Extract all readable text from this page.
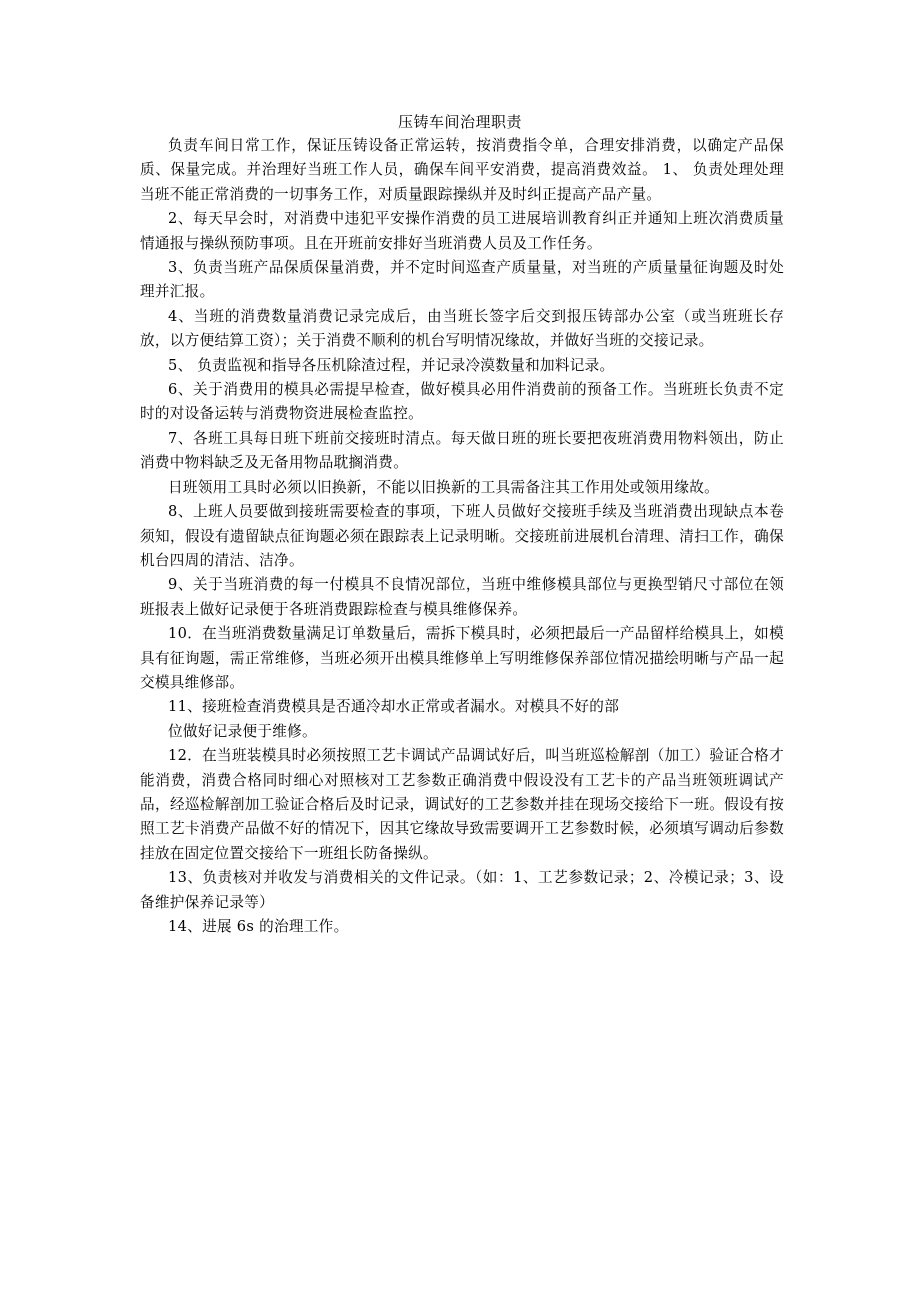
压铸车间治理职责

负责车间日常工作，保证压铸设备正常运转，按消费指令单，合理安排消费，以确定产品保质、保量完成。并治理好当班工作人员，确保车间平安消费，提高消费效益。 1、 负责处理处理当班不能正常消费的一切事务工作，对质量跟踪操纵并及时纠正提高产品产量。

2、每天早会时，对消费中违犯平安操作消费的员工进展培训教育纠正并通知上班次消费质量情通报与操纵预防事项。且在开班前安排好当班消费人员及工作任务。

3、负责当班产品保质保量消费，并不定时间巡查产质量量，对当班的产质量量征询题及时处理并汇报。

4、当班的消费数量消费记录完成后，由当班长签字后交到报压铸部办公室（或当班班长存放，以方便结算工资）；关于消费不顺利的机台写明情况缘故，并做好当班的交接记录。

5、 负责监视和指导各压机除渣过程，并记录冷漠数量和加料记录。

6、关于消费用的模具必需提早检查，做好模具必用件消费前的预备工作。当班班长负责不定时的对设备运转与消费物资进展检查监控。

7、各班工具每日班下班前交接班时清点。每天做日班的班长要把夜班消费用物料领出，防止消费中物料缺乏及无备用物品耽搁消费。

日班领用工具时必须以旧换新，不能以旧换新的工具需备注其工作用处或领用缘故。

8、上班人员要做到接班需要检查的事项，下班人员做好交接班手续及当班消费出现缺点本卷须知，假设有遗留缺点征询题必须在跟踪表上记录明晰。交接班前进展机台清理、清扫工作，确保机台四周的清洁、洁净。

9、关于当班消费的每一付模具不良情况部位，当班中维修模具部位与更换型销尺寸部位在领班报表上做好记录便于各班消费跟踪检查与模具维修保养。

10．在当班消费数量满足订单数量后，需拆下模具时，必须把最后一产品留样给模具上，如模具有征询题，需正常维修，当班必须开出模具维修单上写明维修保养部位情况描绘明晰与产品一起交模具维修部。

11、接班检查消费模具是否通冷却水正常或者漏水。对模具不好的部

位做好记录便于维修。

12．在当班装模具时必须按照工艺卡调试产品调试好后，叫当班巡检解剖（加工）验证合格才能消费，消费合格同时细心对照核对工艺参数正确消费中假设没有工艺卡的产品当班领班调试产品，经巡检解剖加工验证合格后及时记录，调试好的工艺参数并挂在现场交接给下一班。假设有按照工艺卡消费产品做不好的情况下，因其它缘故导致需要调开工艺参数时候，必须填写调动后参数挂放在固定位置交接给下一班组长防备操纵。

13、负责核对并收发与消费相关的文件记录。（如：1、工艺参数记录；2、冷模记录；3、设备维护保养记录等）

14、进展 6s 的治理工作。
